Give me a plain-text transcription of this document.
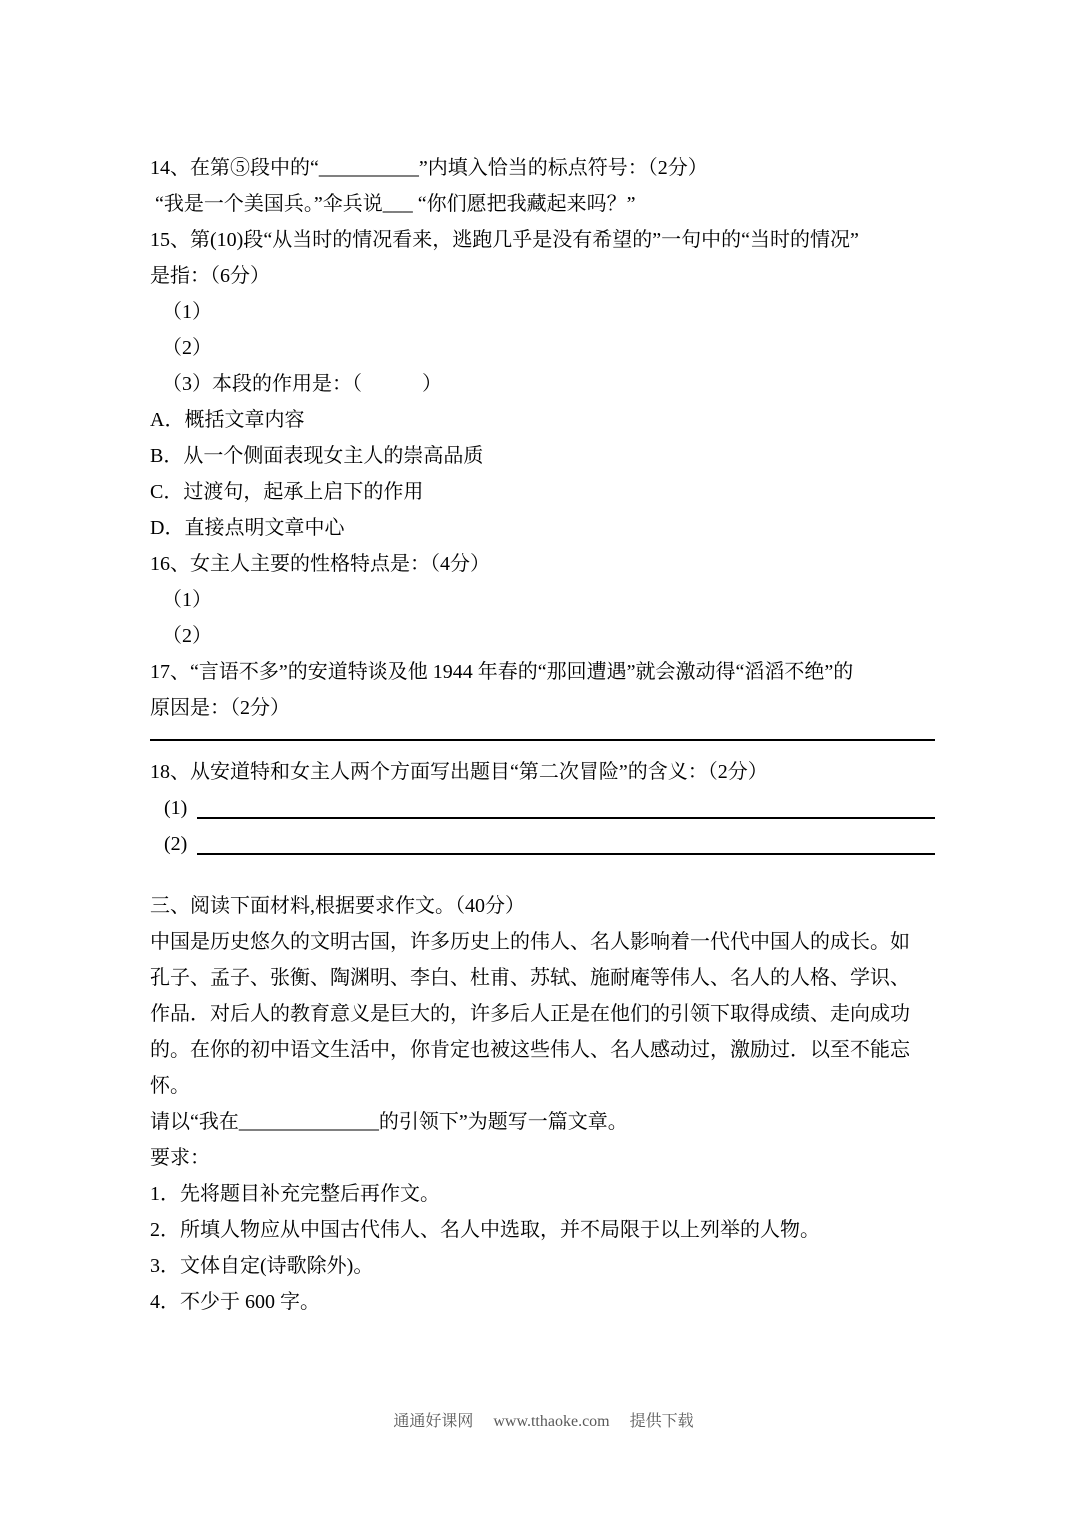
14、在第⑤段中的“__________”内填入恰当的标点符号：（2分）

“我是一个美国兵。”伞兵说___ “你们愿把我藏起来吗？”

15、第(10)段“从当时的情况看来，逃跑几乎是没有希望的”一句中的“当时的情况”

是指：（6分）

（1）

（2）

（3）本段的作用是：（　　　）

A．概括文章内容

B．从一个侧面表现女主人的崇高品质

C．过渡句，起承上启下的作用

D．直接点明文章中心

16、女主人主要的性格特点是：（4分）

（1）

（2）

17、“言语不多”的安道特谈及他 1944 年春的“那回遭遇”就会激动得“滔滔不绝”的

原因是：（2分）

18、从安道特和女主人两个方面写出题目“第二次冒险”的含义：（2分）

(1)
(2)

三、阅读下面材料,根据要求作文。（40分）

中国是历史悠久的文明古国，许多历史上的伟人、名人影响着一代代中国人的成长。如

孔子、孟子、张衡、陶渊明、李白、杜甫、苏轼、施耐庵等伟人、名人的人格、学识、

作品．对后人的教育意义是巨大的，许多后人正是在他们的引领下取得成绩、走向成功

的。在你的初中语文生活中，你肯定也被这些伟人、名人感动过，激励过．以至不能忘

怀。

请以“我在______________的引领下”为题写一篇文章。

要求：

1．先将题目补充完整后再作文。

2．所填人物应从中国古代伟人、名人中选取，并不局限于以上列举的人物。

3．文体自定(诗歌除外)。

4．不少于 600 字。

通通好课网 www.tthaoke.com 提供下载
